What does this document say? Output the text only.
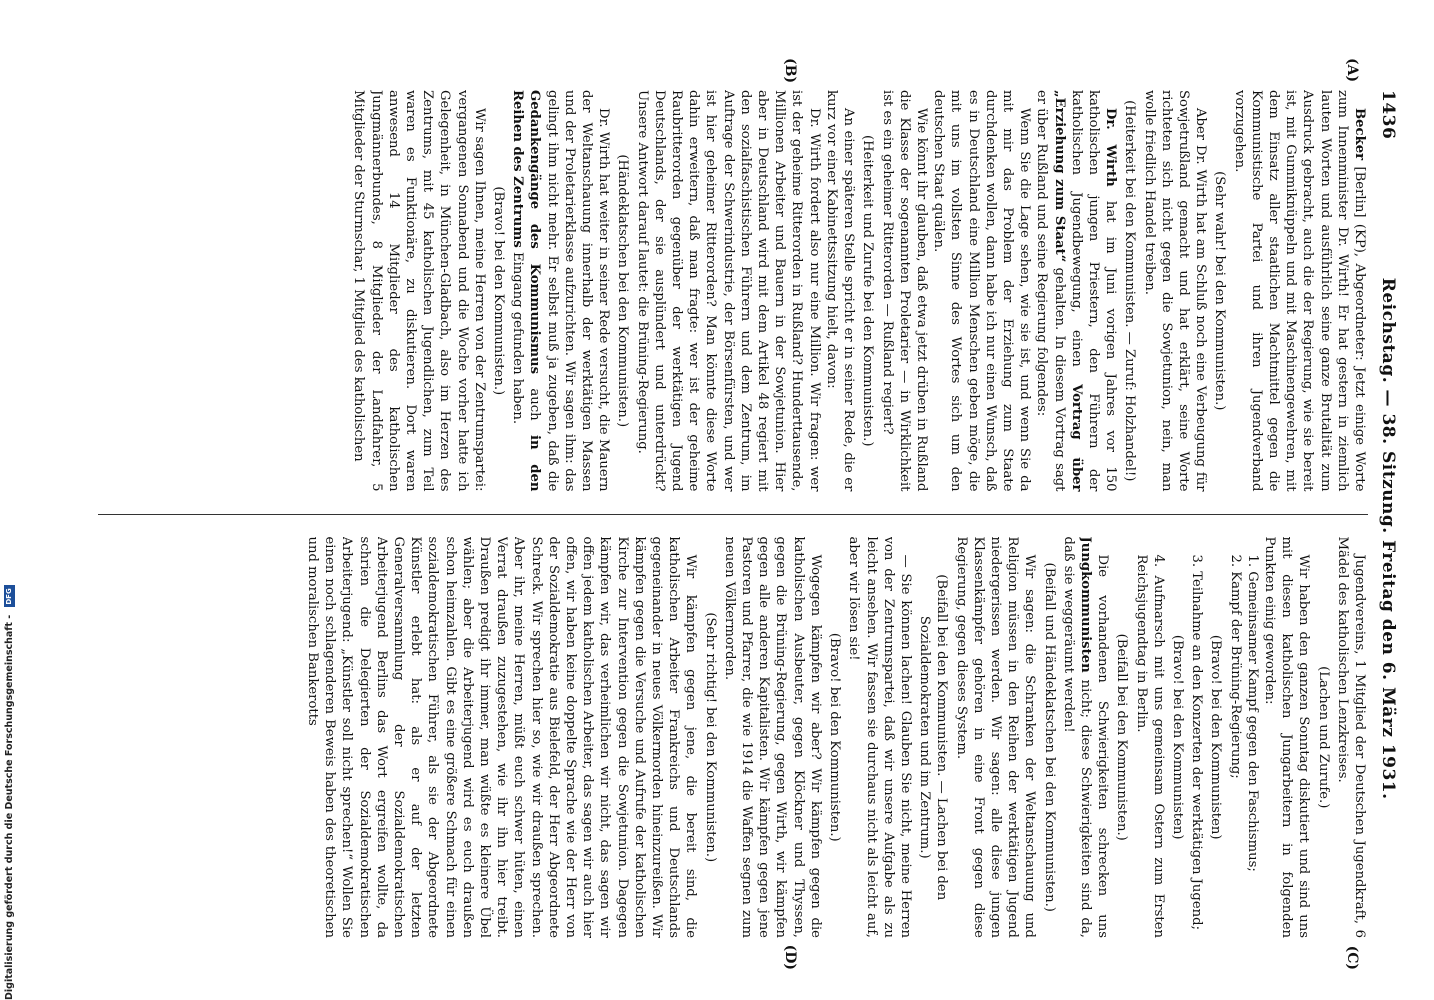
1436
Reichstag. — 38. Sitzung. Freitag den 6. März 1931.
(A)
(B)
(C)
(D)

Becker [Berlin] (KP), Abgeordneter: Jetzt einige Worte zum Innenminister Dr. Wirth! Er hat gestern in ziemlich lauten Worten und ausführlich seine ganze Brutalität zum Ausdruck gebracht, auch die der Regierung, wie sie bereit ist, mit Gummiknüppeln und mit Maschinengewehren, mit dem Einsatz aller staatlichen Machtmittel gegen die Kommunistische Partei und ihren Jugendverband vorzugehen.

(Sehr wahr! bei den Kommunisten.)

Aber Dr. Wirth hat am Schluß noch eine Verbeugung für Sowjetrußland gemacht und hat erklärt, seine Worte richteten sich nicht gegen die Sowjetunion, nein, man wolle friedlich Handel treiben.

(Heiterkeit bei den Kommunisten. — Zuruf: Holzhandel!)

Dr. Wirth hat im Juni vorigen Jahres vor 150 katholischen jungen Priestern, den Führern der katholischen Jugendbewegung, einen Vortrag über „Erziehung zum Staat“ gehalten. In diesem Vortrag sagt er über Rußland und seine Regierung folgendes:

Wenn Sie die Lage sehen, wie sie ist, und wenn Sie da mit mir das Problem der Erziehung zum Staate durchdenken wollen, dann habe ich nur einen Wunsch, daß es in Deutschland eine Million Menschen geben möge, die mit uns im vollsten Sinne des Wortes sich um den deutschen Staat quälen.

Wie könnt ihr glauben, daß etwa jetzt drüben in Rußland die Klasse der sogenannten Proletarier — in Wirklichkeit ist es ein geheimer Ritterorden — Rußland regiert?

(Heiterkeit und Zurufe bei den Kommunisten.)

An einer späteren Stelle spricht er in seiner Rede, die er kurz vor einer Kabinettssitzung hielt, davon:

Dr. Wirth fordert also nur eine Million. Wir fragen: wer ist der geheime Ritterorden in Rußland? Hunderttausende, Millionen Arbeiter und Bauern in der Sowjetunion. Hier aber in Deutschland wird mit dem Artikel 48 regiert mit den sozialfaschistischen Führern und dem Zentrum, im Auftrage der Schwerindustrie, der Börsenfürsten, und wer ist hier geheimer Ritterorden? Man könnte diese Worte dahin erweitern, daß man fragte: wer ist der geheime Raubritterorden gegenüber der werktätigen Jugend Deutschlands, der sie ausplündert und unterdrückt? Unsere Antwort darauf lautet: die Brüning-Regierung.

(Händeklatschen bei den Kommunisten.)

Dr. Wirth hat weiter in seiner Rede versucht, die Mauern der Weltanschauung innerhalb der werktätigen Massen und der Proletarierklasse aufzurichten. Wir sagen ihm: das gelingt ihm nicht mehr. Er selbst muß ja zugeben, daß die Gedankengänge des Kommunismus auch in den Reihen des Zentrums Eingang gefunden haben.

(Bravo! bei den Kommunisten.)

Wir sagen Ihnen, meine Herren von der Zentrumspartei: vergangenen Sonnabend und die Woche vorher hatte ich Gelegenheit, in München-Gladbach, also im Herzen des Zentrums, mit 45 katholischen Jugendlichen, zum Teil waren es Funktionäre, zu diskutieren. Dort waren anwesend 14 Mitglieder des katholischen Jungmännerbundes, 8 Mitglieder der Landfahrer, 5 Mitglieder der Sturmschar, 1 Mitglied des katholischen

Jugendvereins, 1 Mitglied der Deutschen Jugendkraft, 6 Mädel des katholischen Lenzkreises.

(Lachen und Zurufe.)

Wir haben den ganzen Sonntag diskutiert und sind uns mit diesen katholischen Jungarbeitern in folgenden Punkten einig geworden:

1. Gemeinsamer Kampf gegen den Faschismus;

2. Kampf der Brüning-Regierung;

(Bravo! bei den Kommunisten)

3. Teilnahme an den Konzerten der werktätigen Jugend;

(Bravo! bei den Kommunisten)

4. Aufmarsch mit uns gemeinsam Ostern zum Ersten Reichsjugendtag in Berlin.

(Beifall bei den Kommunisten.)

Die vorhandenen Schwierigkeiten schrecken uns Jungkommunisten nicht; diese Schwierigkeiten sind da, daß sie weggeräumt werden!

(Beifall und Händeklatschen bei den Kommunisten.)

Wir sagen: die Schranken der Weltanschauung und Religion müssen in den Reihen der werktätigen Jugend niedergerissen werden. Wir sagen: alle diese jungen Klassenkämpfer gehören in eine Front gegen diese Regierung, gegen dieses System.

(Beifall bei den Kommunisten. — Lachen bei den Sozialdemokraten und im Zentrum.)

— Sie können lachen! Glauben Sie nicht, meine Herren von der Zentrumspartei, daß wir unsere Aufgabe als zu leicht ansehen. Wir fassen sie durchaus nicht als leicht auf, aber wir lösen sie!

(Bravo! bei den Kommunisten.)

Wogegen kämpfen wir aber? Wir kämpfen gegen die katholischen Ausbeuter, gegen Klöckner und Thyssen, gegen die Brüning-Regierung, gegen Wirth, wir kämpfen gegen alle anderen Kapitalisten. Wir kämpfen gegen jene Pastoren und Pfarrer, die wie 1914 die Waffen segnen zum neuen Völkermorden.

(Sehr richtig! bei den Kommunisten.)

Wir kämpfen gegen jene, die bereit sind, die katholischen Arbeiter Frankreichs und Deutschlands gegeneinander in neues Völkermorden hineinzureißen. Wir kämpfen gegen die Versuche und Aufrufe der katholischen Kirche zur Intervention gegen die Sowjetunion. Dagegen kämpfen wir, das verheimlichen wir nicht, das sagen wir offen jedem katholischen Arbeiter, das sagen wir auch hier offen, wir haben keine doppelte Sprache wie der Herr von der Sozialdemokratie aus Bielefeld, der Herr Abgeordnete Schreck. Wir sprechen hier so, wie wir draußen sprechen. Aber ihr, meine Herren, müßt euch schwer hüten, einen Verrat draußen zuzugestehen, wie ihr ihn hier treibt. Draußen predigt ihr immer, man wüßte es kleinere Übel wählen; aber die Arbeiterjugend wird es euch draußen schon heimzahlen. Gibt es eine größere Schmach für einen sozialdemokratischen Führer, als sie der Abgeordnete Künstler erlebt hat: als er auf der letzten Generalversammlung der Sozialdemokratischen Arbeiterjugend Berlins das Wort ergreifen wollte, da schrien die Delegierten der Sozialdemokratischen Arbeiterjugend: „Künstler soll nicht sprechen!“ Wollen Sie einen noch schlagenderen Beweis haben des theoretischen und moralischen Bankerotts

Digitalisierung gefördert durch die Deutsche Forschungsgemeinschaft - DFG
